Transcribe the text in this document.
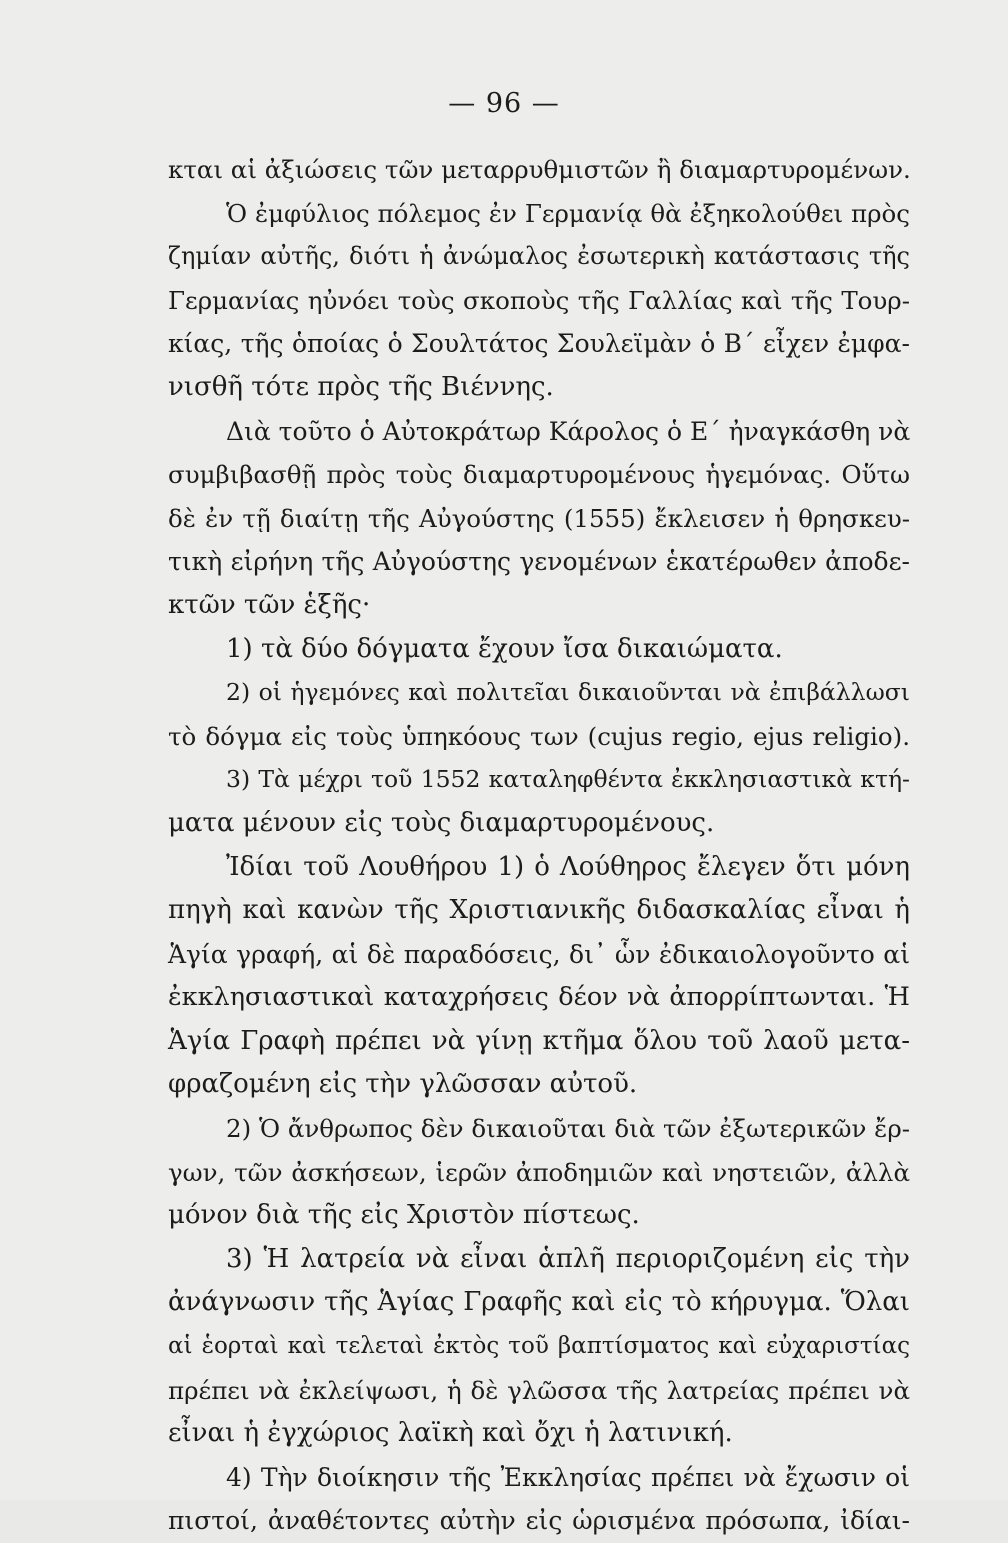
— 96 —
κται αἱ ἀξιώσεις τῶν μεταρρυθμιστῶν ἢ διαμαρτυρομένων.
Ὁ ἐμφύλιος πόλεμος ἐν Γερμανίᾳ θὰ ἐξηκολούθει πρὸς
ζημίαν αὐτῆς, διότι ἡ ἀνώμαλος ἐσωτερικὴ κατάστασις τῆς
Γερμανίας ηὐνόει τοὺς σκοποὺς τῆς Γαλλίας καὶ τῆς Τουρ-
κίας, τῆς ὁποίας ὁ Σουλτάτος Σουλεϊμὰν ὁ Β΄ εἶχεν ἐμφα-
νισθῆ τότε πρὸς τῆς Βιέννης.
Διὰ τοῦτο ὁ Αὐτοκράτωρ Κάρολος ὁ Ε΄ ἠναγκάσθη νὰ
συμβιβασθῇ πρὸς τοὺς διαμαρτυρομένους ἡγεμόνας. Οὕτω
δὲ ἐν τῇ διαίτῃ τῆς Αὐγούστης (1555) ἔκλεισεν ἡ θρησκευ-
τικὴ εἰρήνη τῆς Αὐγούστης γενομένων ἑκατέρωθεν ἀποδε-
κτῶν τῶν ἑξῆς·
1) τὰ δύο δόγματα ἔχουν ἴσα δικαιώματα.
2) οἱ ἡγεμόνες καὶ πολιτεῖαι δικαιοῦνται νὰ ἐπιβάλλωσι
τὸ δόγμα εἰς τοὺς ὑπηκόους των (cujus regio, ejus religio).
3) Τὰ μέχρι τοῦ 1552 καταληφθέντα ἐκκλησιαστικὰ κτή-
ματα μένουν εἰς τοὺς διαμαρτυρομένους.
Ἰδίαι τοῦ Λουθήρου 1) ὁ Λούθηρος ἔλεγεν ὅτι μόνη
πηγὴ καὶ κανὼν τῆς Χριστιανικῆς διδασκαλίας εἶναι ἡ
Ἁγία γραφή, αἱ δὲ παραδόσεις, δι᾿ ὧν ἐδικαιολογοῦντο αἱ
ἐκκλησιαστικαὶ καταχρήσεις δέον νὰ ἀπορρίπτωνται. Ἡ
Ἁγία Γραφὴ πρέπει νὰ γίνῃ κτῆμα ὅλου τοῦ λαοῦ μετα-
φραζομένη εἰς τὴν γλῶσσαν αὐτοῦ.
2) Ὁ ἄνθρωπος δὲν δικαιοῦται διὰ τῶν ἐξωτερικῶν ἔρ-
γων, τῶν ἀσκήσεων, ἱερῶν ἀποδημιῶν καὶ νηστειῶν, ἀλλὰ
μόνον διὰ τῆς εἰς Χριστὸν πίστεως.
3) Ἡ λατρεία νὰ εἶναι ἁπλῆ περιοριζομένη εἰς τὴν
ἀνάγνωσιν τῆς Ἁγίας Γραφῆς καὶ εἰς τὸ κήρυγμα. Ὅλαι
αἱ ἑορταὶ καὶ τελεταὶ ἐκτὸς τοῦ βαπτίσματος καὶ εὐχαριστίας
πρέπει νὰ ἐκλείψωσι, ἡ δὲ γλῶσσα τῆς λατρείας πρέπει νὰ
εἶναι ἡ ἐγχώριος λαϊκὴ καὶ ὄχι ἡ λατινική.
4) Τὴν διοίκησιν τῆς Ἐκκλησίας πρέπει νὰ ἔχωσιν οἱ
πιστοί, ἀναθέτοντες αὐτὴν εἰς ὡρισμένα πρόσωπα, ἰδίαι-
